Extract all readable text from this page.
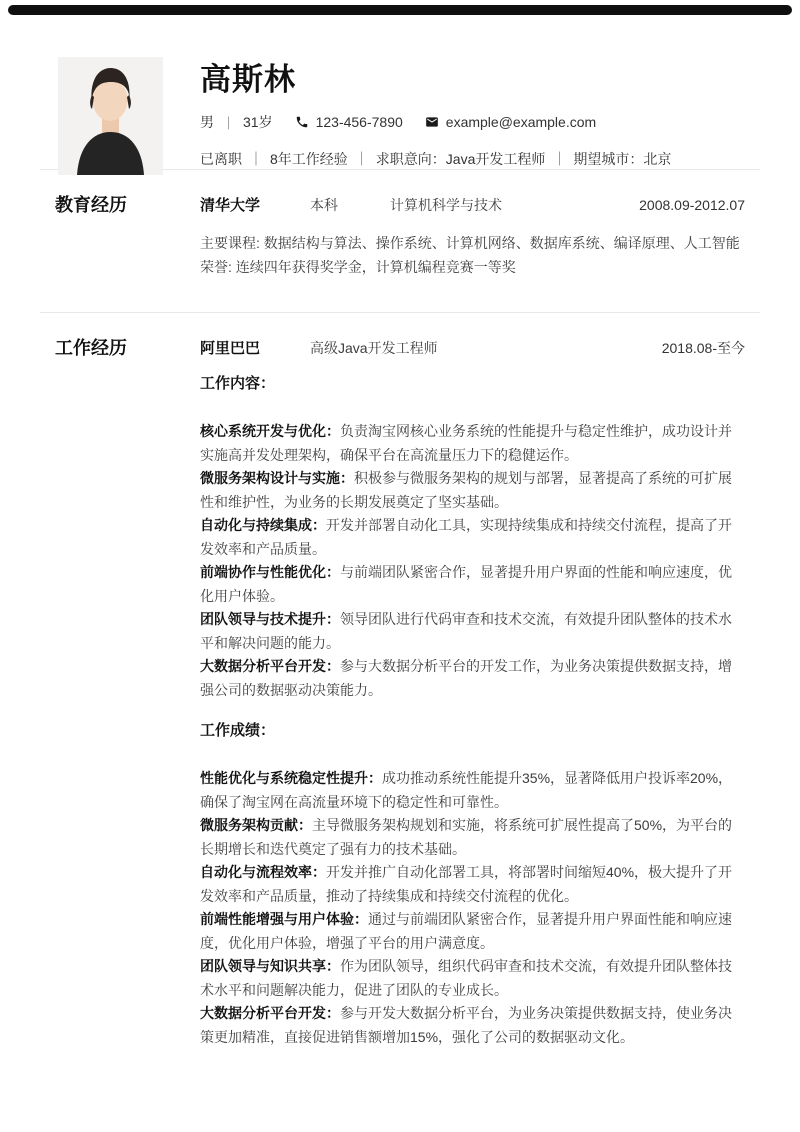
高斯林
男 ｜ 31岁	123-456-7890	example@example.com
已离职 ｜ 8年工作经验 ｜ 求职意向：Java开发工程师 ｜ 期望城市：北京
教育经历	清华大学	本科	计算机科学与技术	2008.09-2012.07

主要课程: 数据结构与算法、操作系统、计算机网络、数据库系统、编译原理、人工智能

荣誉: 连续四年获得奖学金，计算机编程竞赛一等奖

工作经历	阿里巴巴	高级Java开发工程师	2018.08-至今

工作内容：

核心系统开发与优化：负责淘宝网核心业务系统的性能提升与稳定性维护，成功设计并实施高并发处理架构，确保平台在高流量压力下的稳健运作。

微服务架构设计与实施：积极参与微服务架构的规划与部署，显著提高了系统的可扩展性和维护性，为业务的长期发展奠定了坚实基础。

自动化与持续集成：开发并部署自动化工具，实现持续集成和持续交付流程，提高了开发效率和产品质量。

前端协作与性能优化：与前端团队紧密合作，显著提升用户界面的性能和响应速度，优化用户体验。

团队领导与技术提升：领导团队进行代码审查和技术交流，有效提升团队整体的技术水平和解决问题的能力。

大数据分析平台开发：参与大数据分析平台的开发工作，为业务决策提供数据支持，增强公司的数据驱动决策能力。

工作成绩：

性能优化与系统稳定性提升：成功推动系统性能提升35%，显著降低用户投诉率20%，确保了淘宝网在高流量环境下的稳定性和可靠性。

微服务架构贡献：主导微服务架构规划和实施，将系统可扩展性提高了50%，为平台的长期增长和迭代奠定了强有力的技术基础。

自动化与流程效率：开发并推广自动化部署工具，将部署时间缩短40%，极大提升了开发效率和产品质量，推动了持续集成和持续交付流程的优化。

前端性能增强与用户体验：通过与前端团队紧密合作，显著提升用户界面性能和响应速度，优化用户体验，增强了平台的用户满意度。

团队领导与知识共享：作为团队领导，组织代码审查和技术交流，有效提升团队整体技术水平和问题解决能力，促进了团队的专业成长。

大数据分析平台开发：参与开发大数据分析平台，为业务决策提供数据支持，使业务决策更加精准，直接促进销售额增加15%，强化了公司的数据驱动文化。
